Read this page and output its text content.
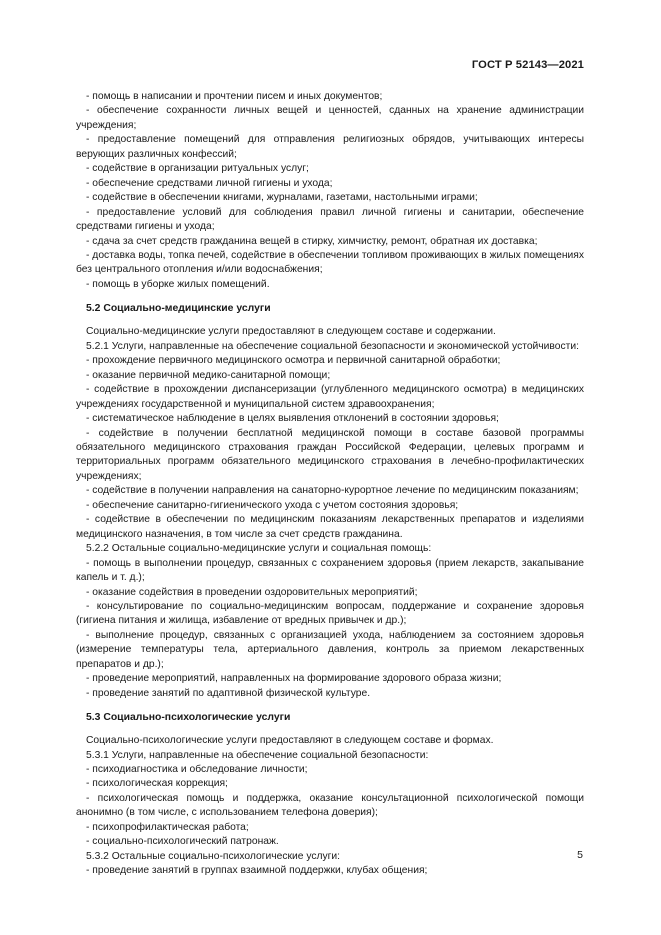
ГОСТ Р 52143—2021

- помощь в написании и прочтении писем и иных документов;

- обеспечение сохранности личных вещей и ценностей, сданных на хранение администрации учреждения;

- предоставление помещений для отправления религиозных обрядов, учитывающих интересы верующих различных конфессий;

- содействие в организации ритуальных услуг;

- обеспечение средствами личной гигиены и ухода;

- содействие в обеспечении книгами, журналами, газетами, настольными играми;

- предоставление условий для соблюдения правил личной гигиены и санитарии, обеспечение средствами гигиены и ухода;

- сдача за счет средств гражданина вещей в стирку, химчистку, ремонт, обратная их доставка;

- доставка воды, топка печей, содействие в обеспечении топливом проживающих в жилых помещениях без центрального отопления и/или водоснабжения;

- помощь в уборке жилых помещений.

5.2 Социально-медицинские услуги

Социально-медицинские услуги предоставляют в следующем составе и содержании.

5.2.1 Услуги, направленные на обеспечение социальной безопасности и экономической устойчивости:

- прохождение первичного медицинского осмотра и первичной санитарной обработки;

- оказание первичной медико-санитарной помощи;

- содействие в прохождении диспансеризации (углубленного медицинского осмотра) в медицинских учреждениях государственной и муниципальной систем здравоохранения;

- систематическое наблюдение в целях выявления отклонений в состоянии здоровья;

- содействие в получении бесплатной медицинской помощи в составе базовой программы обязательного медицинского страхования граждан Российской Федерации, целевых программ и территориальных программ обязательного медицинского страхования в лечебно-профилактических учреждениях;

- содействие в получении направления на санаторно-курортное лечение по медицинским показаниям;

- обеспечение санитарно-гигиенического ухода с учетом состояния здоровья;

- содействие в обеспечении по медицинским показаниям лекарственных препаратов и изделиями медицинского назначения, в том числе за счет средств гражданина.

5.2.2 Остальные социально-медицинские услуги и социальная помощь:

- помощь в выполнении процедур, связанных с сохранением здоровья (прием лекарств, закапывание капель и т. д.);

- оказание содействия в проведении оздоровительных мероприятий;

- консультирование по социально-медицинским вопросам, поддержание и сохранение здоровья (гигиена питания и жилища, избавление от вредных привычек и др.);

- выполнение процедур, связанных с организацией ухода, наблюдением за состоянием здоровья (измерение температуры тела, артериального давления, контроль за приемом лекарственных препаратов и др.);

- проведение мероприятий, направленных на формирование здорового образа жизни;

- проведение занятий по адаптивной физической культуре.

5.3 Социально-психологические услуги

Социально-психологические услуги предоставляют в следующем составе и формах.

5.3.1 Услуги, направленные на обеспечение социальной безопасности:

- психодиагностика и обследование личности;

- психологическая коррекция;

- психологическая помощь и поддержка, оказание консультационной психологической помощи анонимно (в том числе, с использованием телефона доверия);

- психопрофилактическая работа;

- социально-психологический патронаж.

5.3.2 Остальные социально-психологические услуги:

- проведение занятий в группах взаимной поддержки, клубах общения;

5
